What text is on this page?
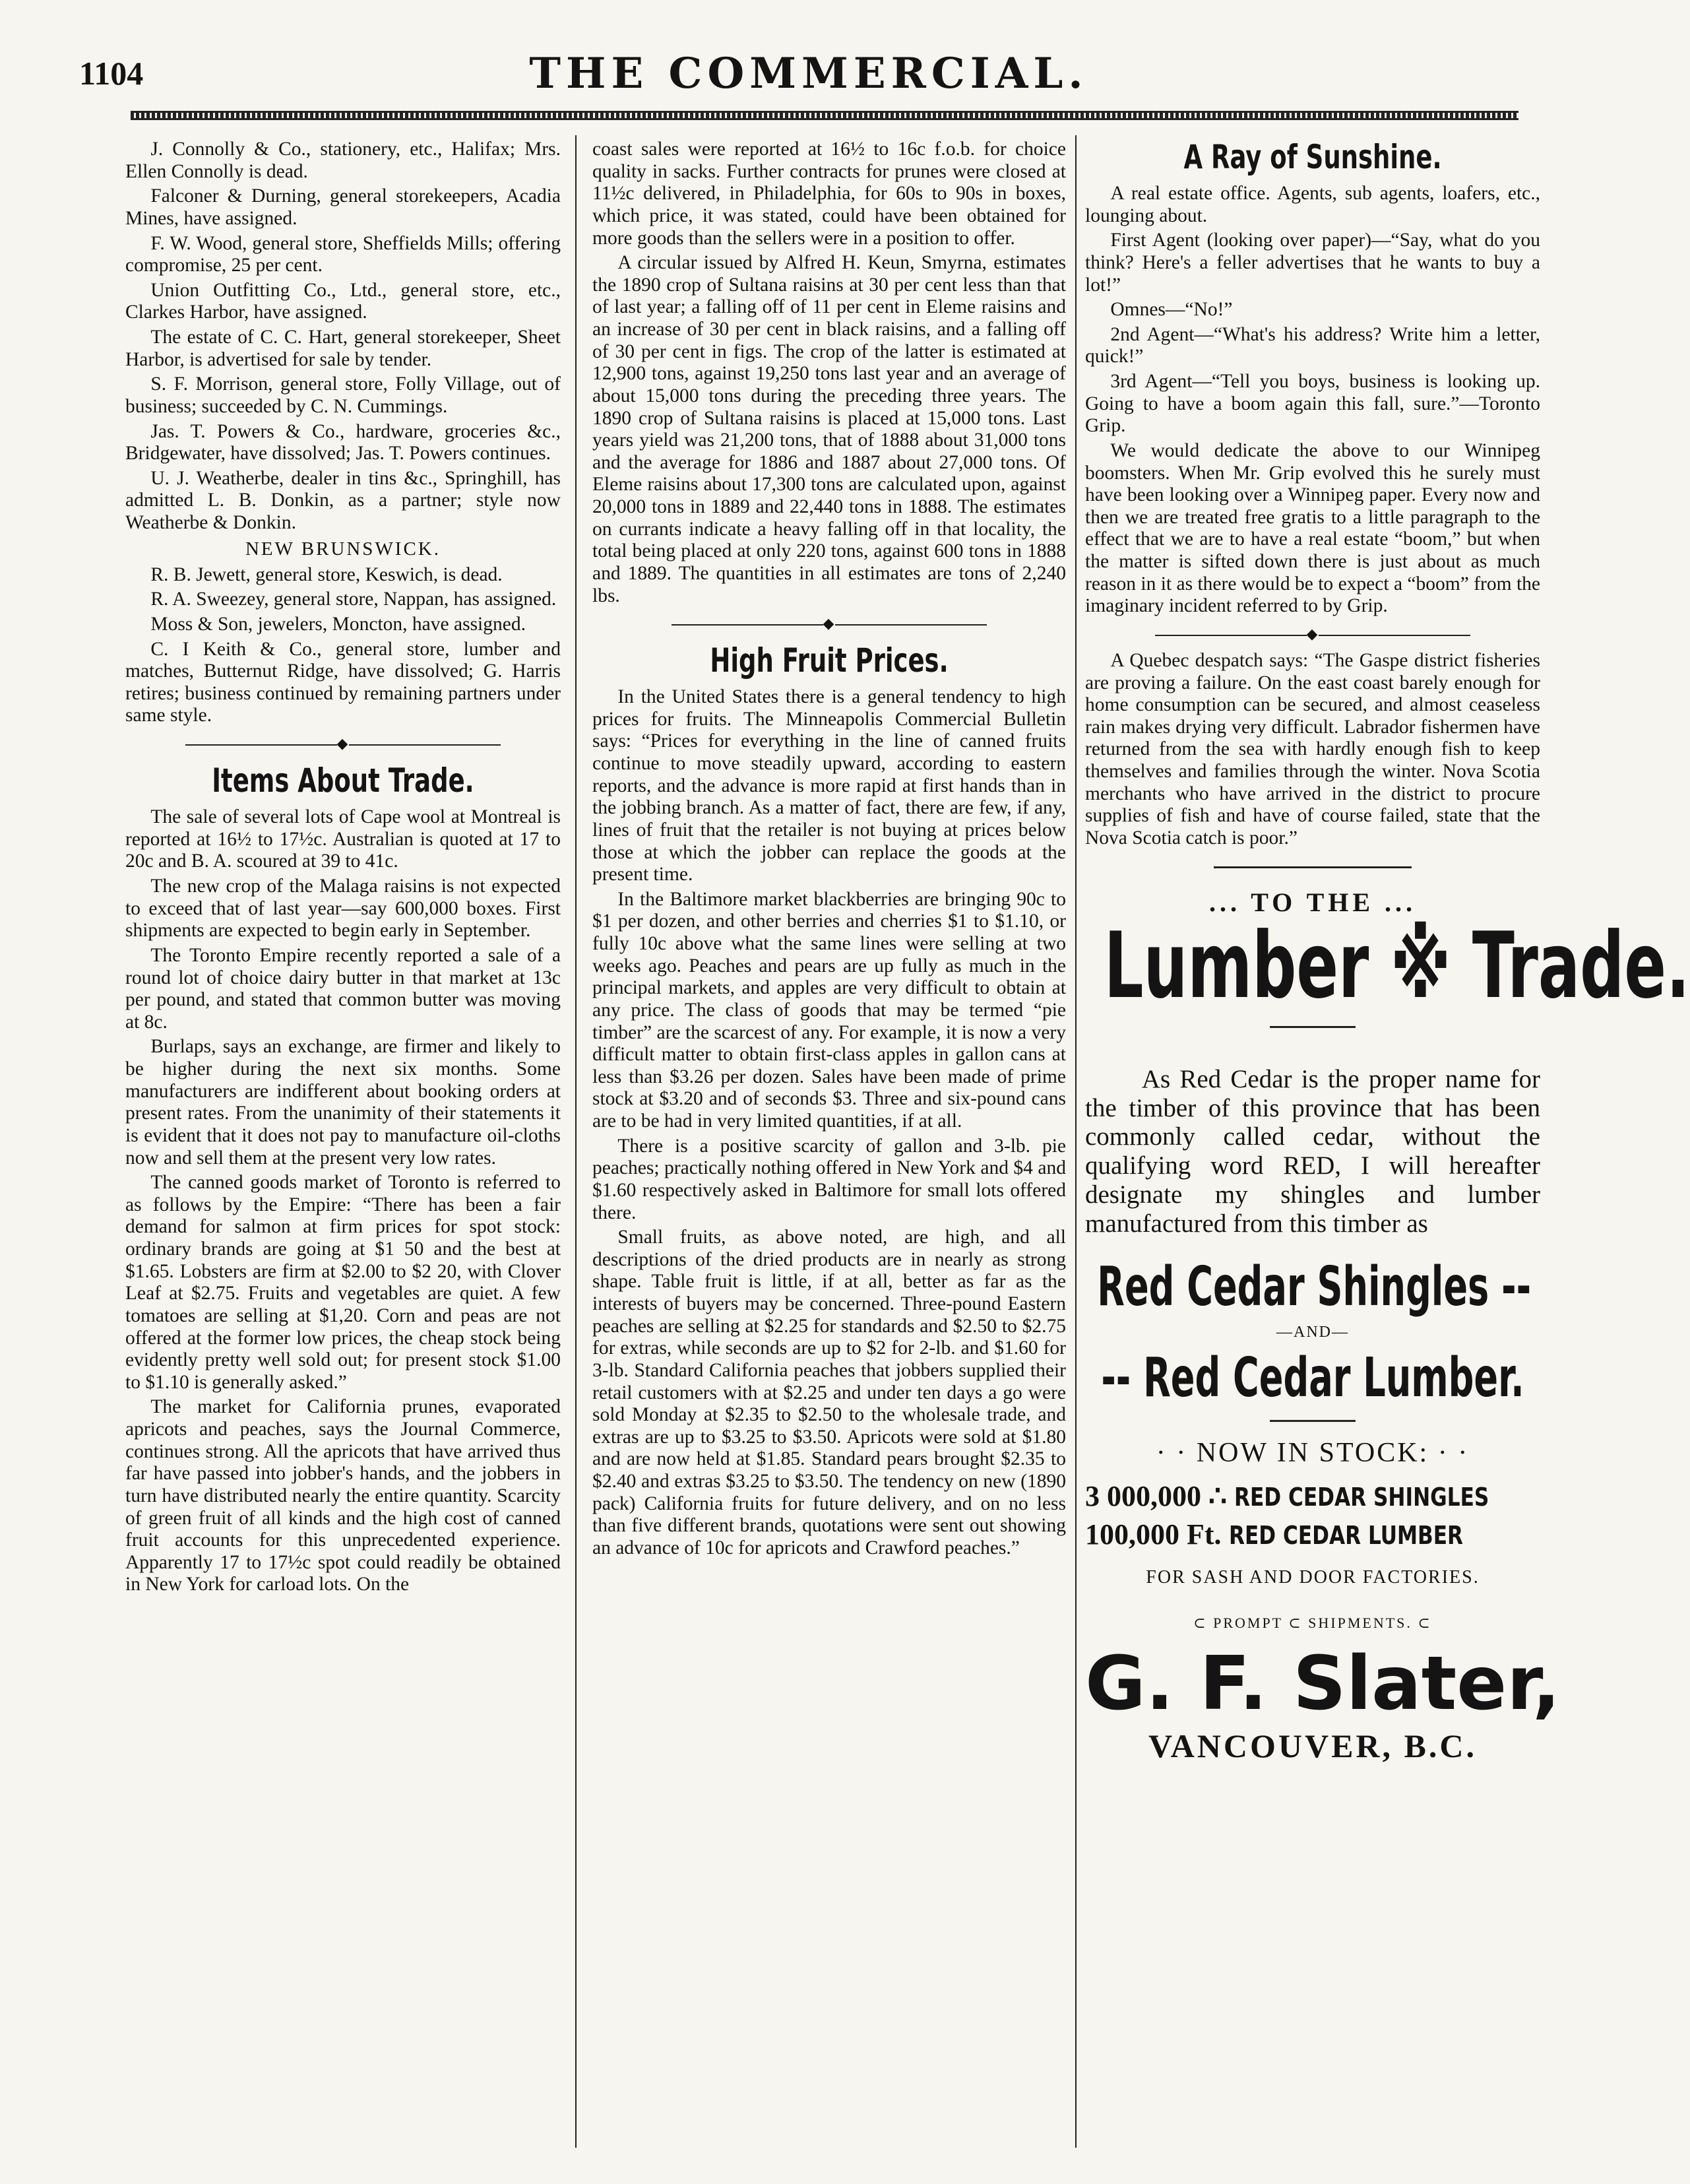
1104	THE COMMERCIAL.

J. Connolly & Co., stationery, etc., Halifax; Mrs. Ellen Connolly is dead.

Falconer & Durning, general storekeepers, Acadia Mines, have assigned.

F. W. Wood, general store, Sheffields Mills; offering compromise, 25 per cent.

Union Outfitting Co., Ltd., general store, etc., Clarkes Harbor, have assigned.

The estate of C. C. Hart, general storekeeper, Sheet Harbor, is advertised for sale by tender.

S. F. Morrison, general store, Folly Village, out of business; succeeded by C. N. Cummings.

Jas. T. Powers & Co., hardware, groceries &c., Bridgewater, have dissolved; Jas. T. Powers continues.

U. J. Weatherbe, dealer in tins &c., Springhill, has admitted L. B. Donkin, as a partner; style now Weatherbe & Donkin.

NEW BRUNSWICK.

R. B. Jewett, general store, Keswich, is dead.

R. A. Sweezey, general store, Nappan, has assigned.

Moss & Son, jewelers, Moncton, have assigned.

C. I Keith & Co., general store, lumber and matches, Butternut Ridge, have dissolved; G. Harris retires; business continued by remaining partners under same style.

◆
Items About Trade.

The sale of several lots of Cape wool at Montreal is reported at 16½ to 17½c. Australian is quoted at 17 to 20c and B. A. scoured at 39 to 41c.

The new crop of the Malaga raisins is not expected to exceed that of last year—say 600,000 boxes. First shipments are expected to begin early in September.

The Toronto Empire recently reported a sale of a round lot of choice dairy butter in that market at 13c per pound, and stated that common butter was moving at 8c.

Burlaps, says an exchange, are firmer and likely to be higher during the next six months. Some manufacturers are indifferent about booking orders at present rates. From the unanimity of their statements it is evident that it does not pay to manufacture oil-cloths now and sell them at the present very low rates.

The canned goods market of Toronto is referred to as follows by the Empire: “There has been a fair demand for salmon at firm prices for spot stock: ordinary brands are going at $1 50 and the best at $1.65. Lobsters are firm at $2.00 to $2 20, with Clover Leaf at $2.75. Fruits and vegetables are quiet. A few tomatoes are selling at $1,20. Corn and peas are not offered at the former low prices, the cheap stock being evidently pretty well sold out; for present stock $1.00 to $1.10 is generally asked.”

The market for California prunes, evaporated apricots and peaches, says the Journal Commerce, continues strong. All the apricots that have arrived thus far have passed into jobber's hands, and the jobbers in turn have distributed nearly the entire quantity. Scarcity of green fruit of all kinds and the high cost of canned fruit accounts for this unprecedented experience. Apparently 17 to 17½c spot could readily be obtained in New York for carload lots. On the

coast sales were reported at 16½ to 16c f.o.b. for choice quality in sacks. Further contracts for prunes were closed at 11½c delivered, in Philadelphia, for 60s to 90s in boxes, which price, it was stated, could have been obtained for more goods than the sellers were in a position to offer.

A circular issued by Alfred H. Keun, Smyrna, estimates the 1890 crop of Sultana raisins at 30 per cent less than that of last year; a falling off of 11 per cent in Eleme raisins and an increase of 30 per cent in black raisins, and a falling off of 30 per cent in figs. The crop of the latter is estimated at 12,900 tons, against 19,250 tons last year and an average of about 15,000 tons during the preceding three years. The 1890 crop of Sultana raisins is placed at 15,000 tons. Last years yield was 21,200 tons, that of 1888 about 31,000 tons and the average for 1886 and 1887 about 27,000 tons. Of Eleme raisins about 17,300 tons are calculated upon, against 20,000 tons in 1889 and 22,440 tons in 1888. The estimates on currants indicate a heavy falling off in that locality, the total being placed at only 220 tons, against 600 tons in 1888 and 1889. The quantities in all estimates are tons of 2,240 lbs.

◆
High Fruit Prices.

In the United States there is a general tendency to high prices for fruits. The Minneapolis Commercial Bulletin says: “Prices for everything in the line of canned fruits continue to move steadily upward, according to eastern reports, and the advance is more rapid at first hands than in the jobbing branch. As a matter of fact, there are few, if any, lines of fruit that the retailer is not buying at prices below those at which the jobber can replace the goods at the present time.

In the Baltimore market blackberries are bringing 90c to $1 per dozen, and other berries and cherries $1 to $1.10, or fully 10c above what the same lines were selling at two weeks ago. Peaches and pears are up fully as much in the principal markets, and apples are very difficult to obtain at any price. The class of goods that may be termed “pie timber” are the scarcest of any. For example, it is now a very difficult matter to obtain first-class apples in gallon cans at less than $3.26 per dozen. Sales have been made of prime stock at $3.20 and of seconds $3. Three and six-pound cans are to be had in very limited quantities, if at all.

There is a positive scarcity of gallon and 3-lb. pie peaches; practically nothing offered in New York and $4 and $1.60 respectively asked in Baltimore for small lots offered there.

Small fruits, as above noted, are high, and all descriptions of the dried products are in nearly as strong shape. Table fruit is little, if at all, better as far as the interests of buyers may be concerned. Three-pound Eastern peaches are selling at $2.25 for standards and $2.50 to $2.75 for extras, while seconds are up to $2 for 2-lb. and $1.60 for 3-lb. Standard California peaches that jobbers supplied their retail customers with at $2.25 and under ten days a go were sold Monday at $2.35 to $2.50 to the wholesale trade, and extras are up to $3.25 to $3.50. Apricots were sold at $1.80 and are now held at $1.85. Standard pears brought $2.35 to $2.40 and extras $3.25 to $3.50. The tendency on new (1890 pack) California fruits for future delivery, and on no less than five different brands, quotations were sent out showing an advance of 10c for apricots and Crawford peaches.”

A Ray of Sunshine.

A real estate office. Agents, sub agents, loafers, etc., lounging about.

First Agent (looking over paper)—“Say, what do you think? Here's a feller advertises that he wants to buy a lot!”

Omnes—“No!”

2nd Agent—“What's his address? Write him a letter, quick!”

3rd Agent—“Tell you boys, business is looking up. Going to have a boom again this fall, sure.”—Toronto Grip.

We would dedicate the above to our Winnipeg boomsters. When Mr. Grip evolved this he surely must have been looking over a Winnipeg paper. Every now and then we are treated free gratis to a little paragraph to the effect that we are to have a real estate “boom,” but when the matter is sifted down there is just about as much reason in it as there would be to expect a “boom” from the imaginary incident referred to by Grip.

◆

A Quebec despatch says: “The Gaspe district fisheries are proving a failure. On the east coast barely enough for home consumption can be secured, and almost ceaseless rain makes drying very difficult. Labrador fishermen have returned from the sea with hardly enough fish to keep themselves and families through the winter. Nova Scotia merchants who have arrived in the district to procure supplies of fish and have of course failed, state that the Nova Scotia catch is poor.”

... TO THE ...
Lumber ※ Trade.
As Red Cedar is the proper name for the timber of this province that has been commonly called cedar, without the qualifying word RED, I will hereafter designate my shingles and lumber manufactured from this timber as
Red Cedar Shingles --
—AND—
-- Red Cedar Lumber.
· · NOW IN STOCK: · ·
3 000,000 ∴ RED CEDAR SHINGLES
100,000 Ft. RED CEDAR LUMBER
FOR SASH AND DOOR FACTORIES.
⊂ PROMPT ⊂ SHIPMENTS. ⊂
G. F. Slater,
VANCOUVER, B.C.
